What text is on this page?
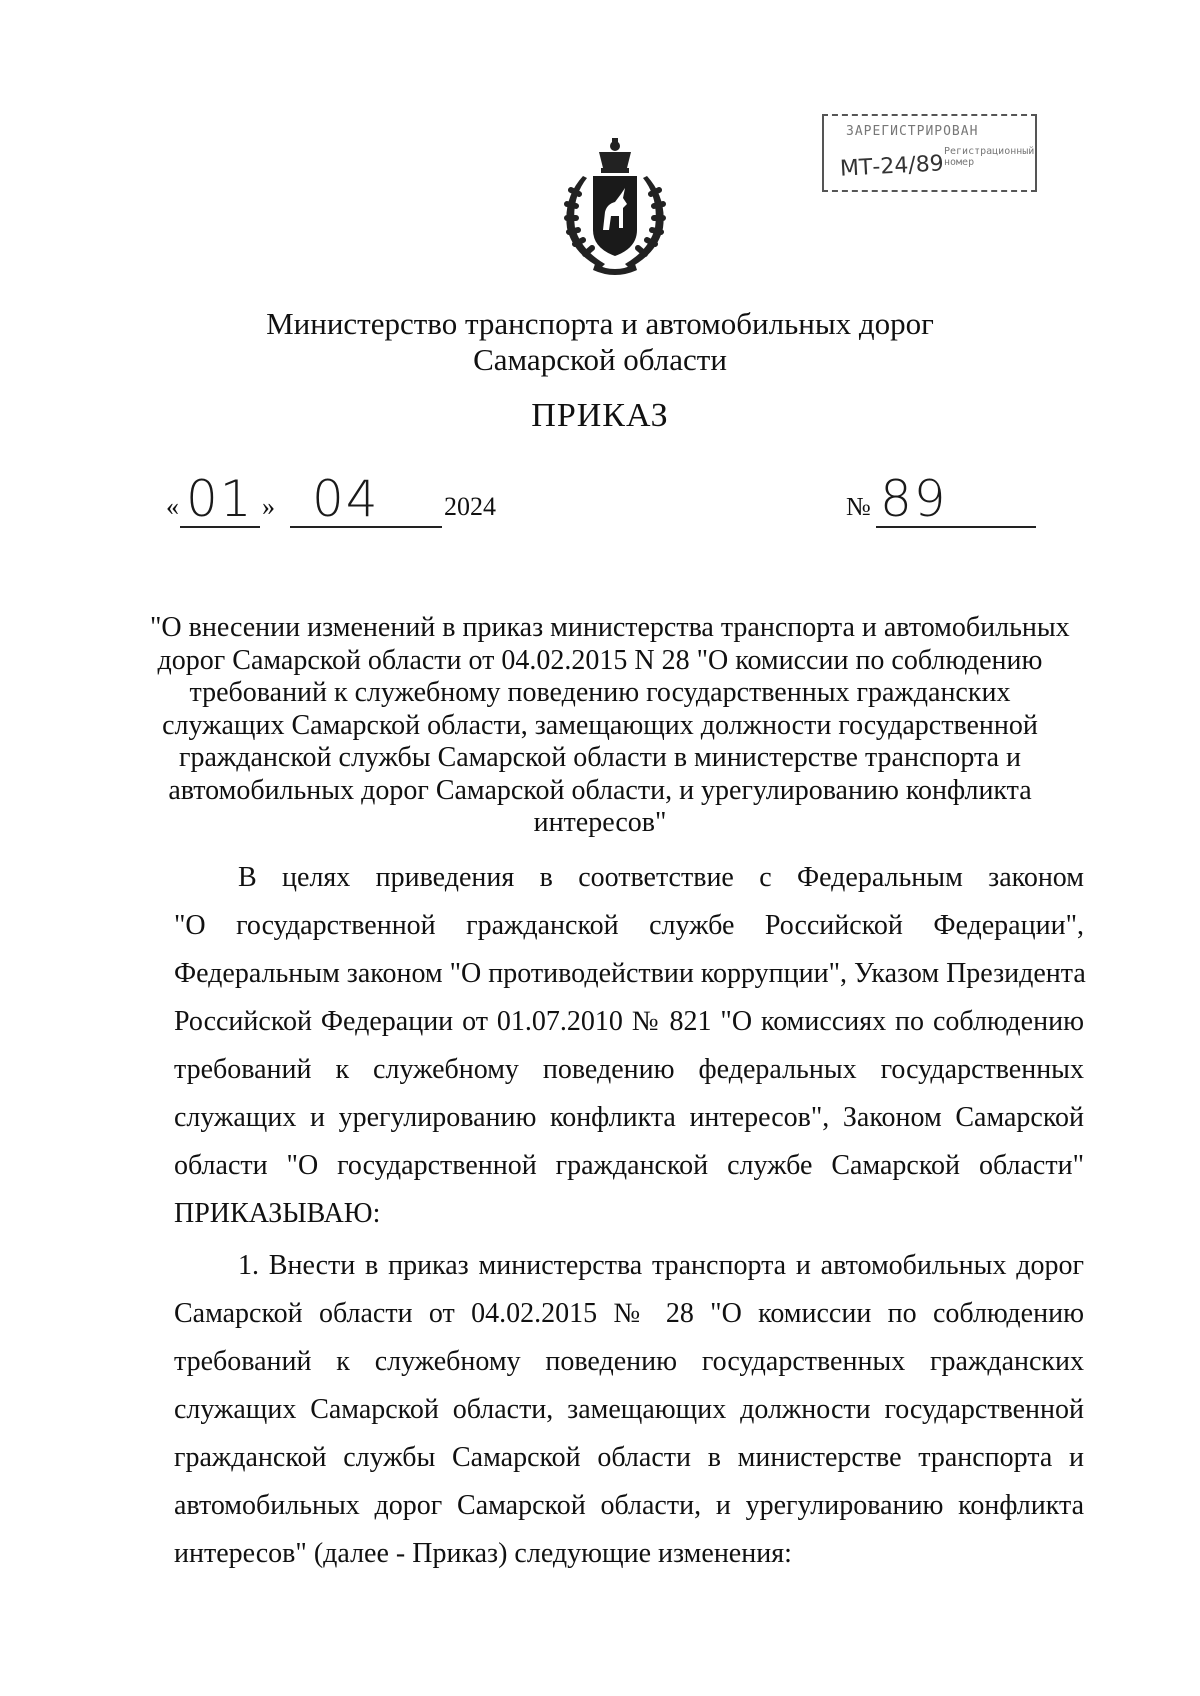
ЗАРЕГИСТРИРОВАН
Регистрационный номер
МТ-24/89
Министерство транспорта и автомобильных дорог
Самарской области
ПРИКАЗ
« 01 » 04 2024	№ 89
"О внесении изменений в приказ министерства транспорта и автомобильных
дорог Самарской области от 04.02.2015 N 28 "О комиссии по соблюдению
требований к служебному поведению государственных гражданских
служащих Самарской области, замещающих должности государственной
гражданской службы Самарской области в министерстве транспорта и
автомобильных дорог Самарской области, и урегулированию конфликта
интересов"
В целях приведения в соответствие с Федеральным законом
"О государственной гражданской службе Российской Федерации",
Федеральным законом "О противодействии коррупции", Указом Президента
Российской Федерации от 01.07.2010 № 821 "О комиссиях по соблюдению
требований к служебному поведению федеральных государственных
служащих и урегулированию конфликта интересов", Законом Самарской
области "О государственной гражданской службе Самарской области"
ПРИКАЗЫВАЮ:
1. Внести в приказ министерства транспорта и автомобильных дорог
Самарской области от 04.02.2015 № 28 "О комиссии по соблюдению
требований к служебному поведению государственных гражданских
служащих Самарской области, замещающих должности государственной
гражданской службы Самарской области в министерстве транспорта и
автомобильных дорог Самарской области, и урегулированию конфликта
интересов" (далее - Приказ) следующие изменения:
